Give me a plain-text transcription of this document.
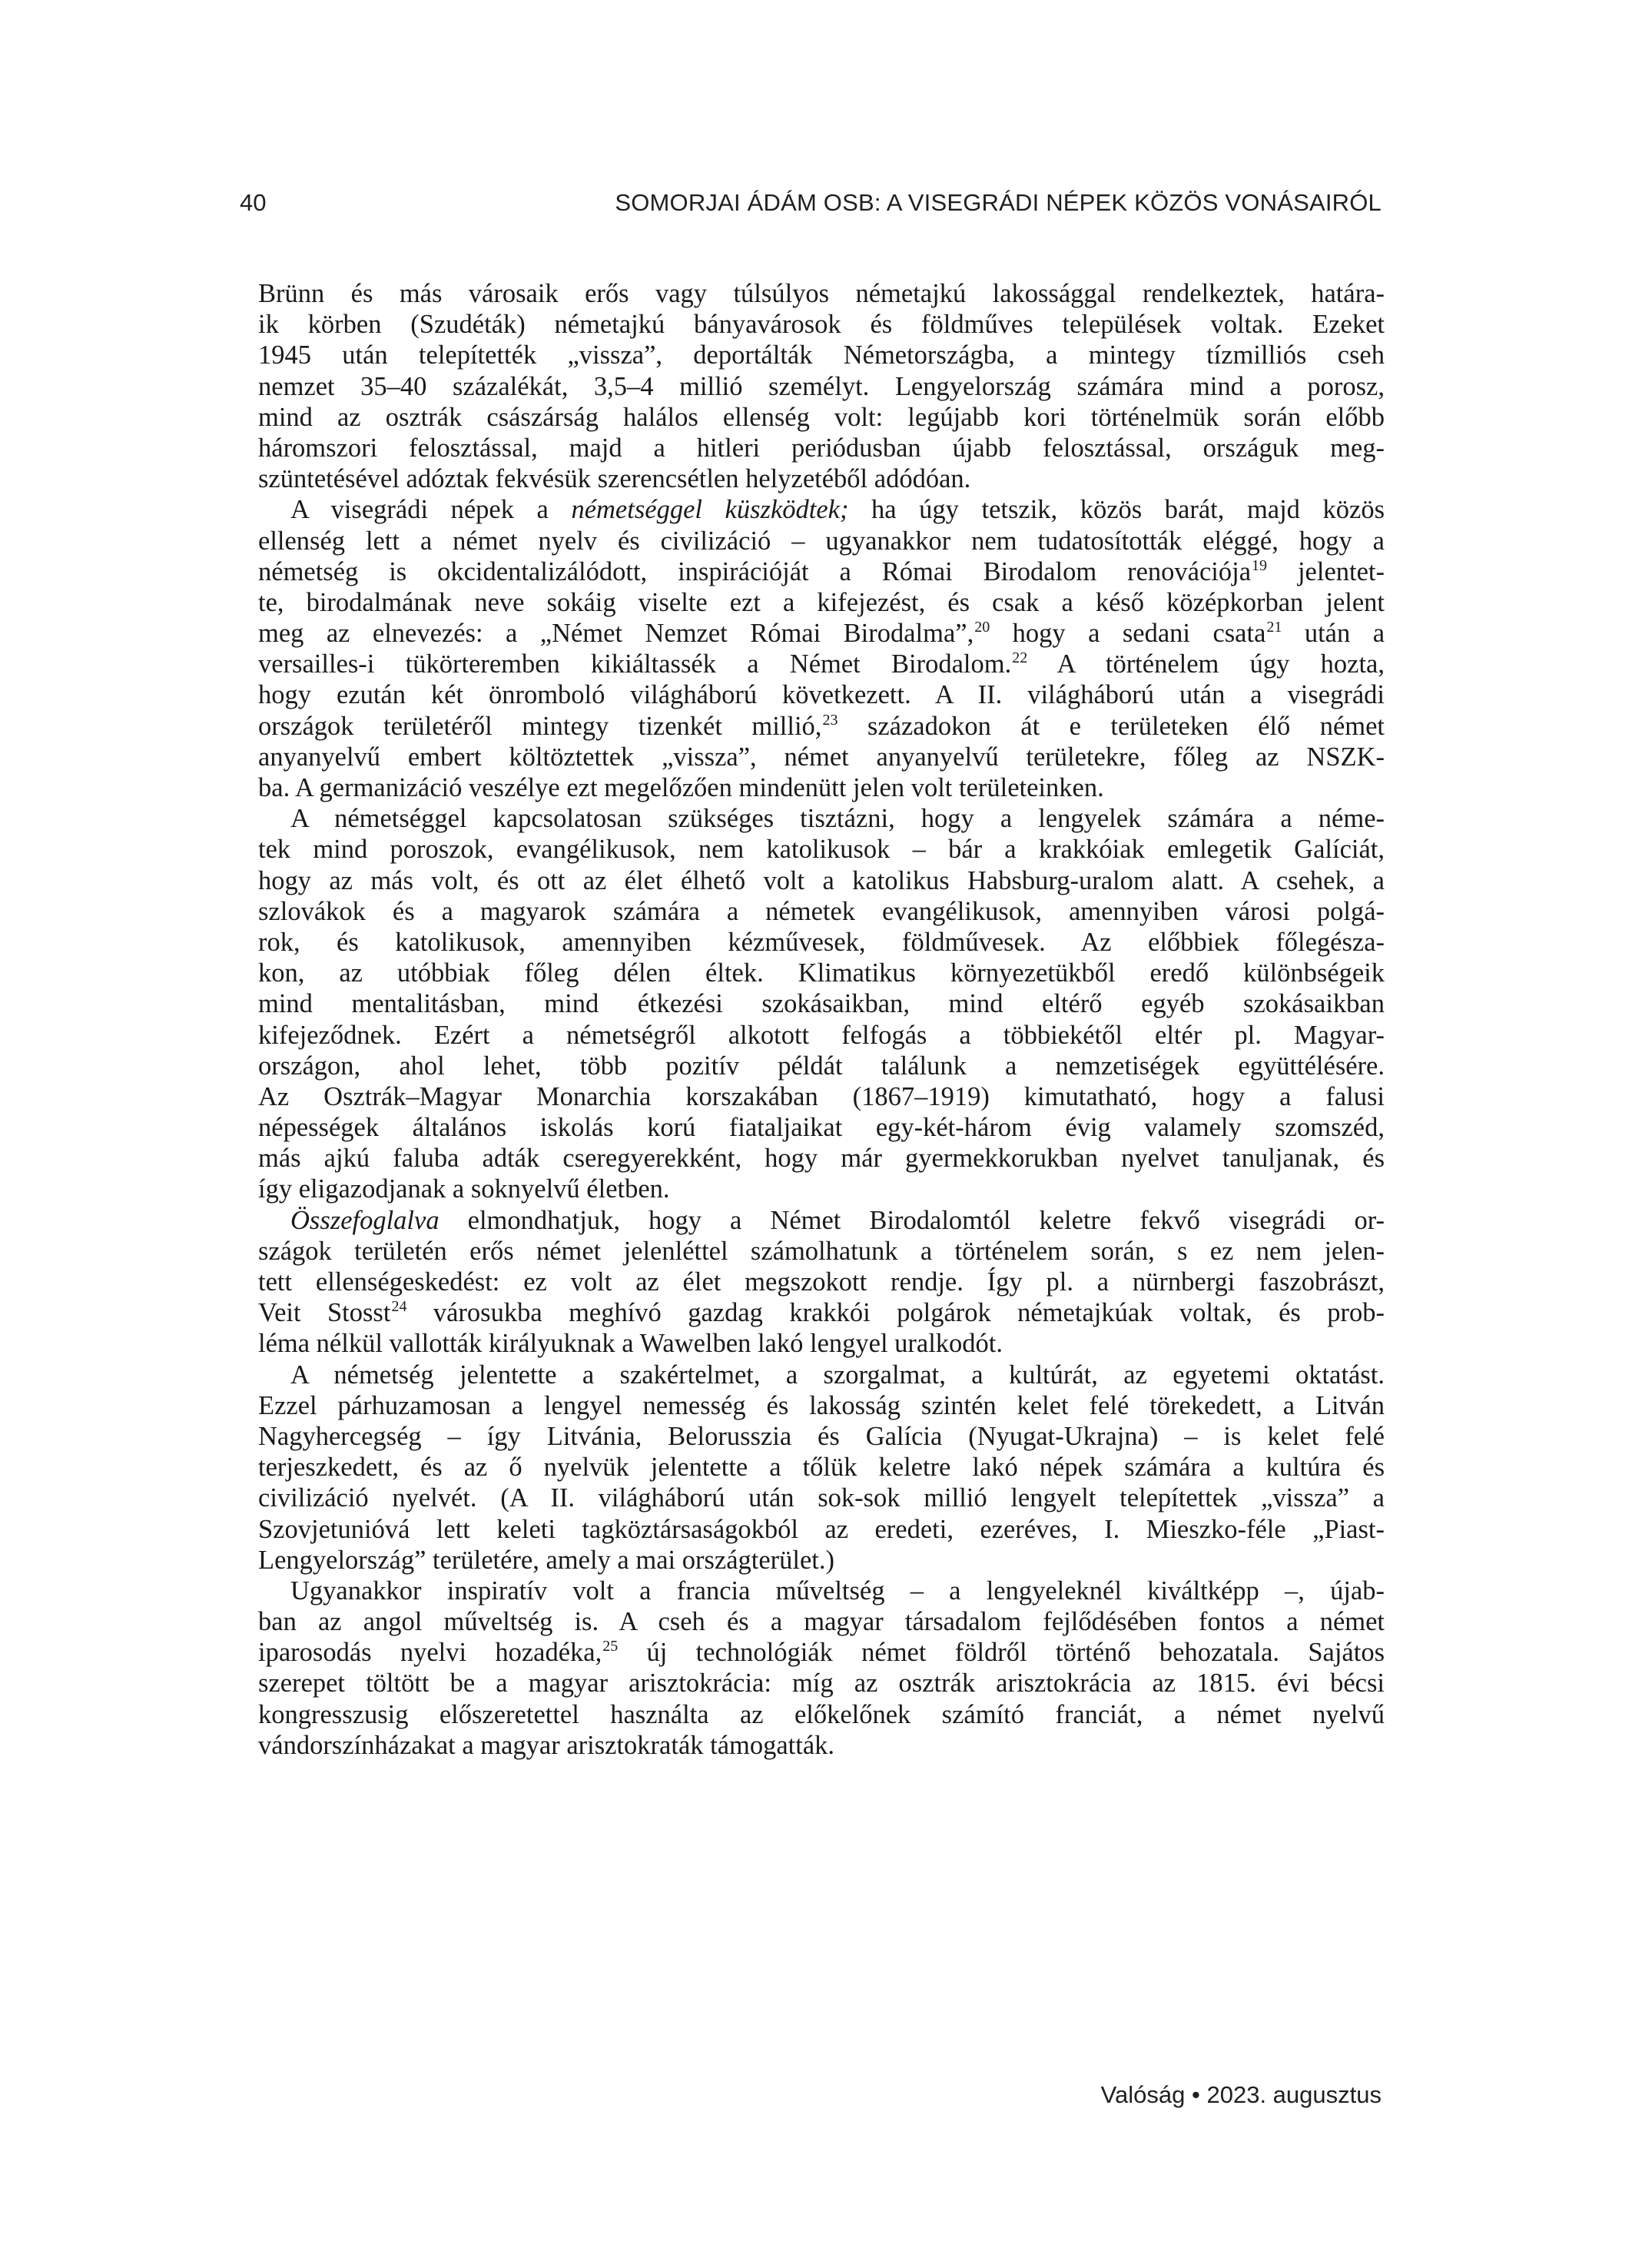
40	SOMORJAI ÁDÁM OSB: A VISEGRÁDI NÉPEK KÖZÖS VONÁSAIRÓL
Brünn és más városaik erős vagy túlsúlyos németajkú lakossággal rendelkeztek, határa-
ik körben (Szudéták) németajkú bányavárosok és földműves települések voltak. Ezeket
1945 után telepítették „vissza”, deportálták Németországba, a mintegy tízmilliós cseh
nemzet 35–40 százalékát, 3,5–4 millió személyt. Lengyelország számára mind a porosz,
mind az osztrák császárság halálos ellenség volt: legújabb kori történelmük során előbb
háromszori felosztással, majd a hitleri periódusban újabb felosztással, országuk meg-
szüntetésével adóztak fekvésük szerencsétlen helyzetéből adódóan.
A visegrádi népek a németséggel küszködtek; ha úgy tetszik, közös barát, majd közös
ellenség lett a német nyelv és civilizáció – ugyanakkor nem tudatosították eléggé, hogy a
németség is okcidentalizálódott, inspirációját a Római Birodalom renovációja$^{19}$ jelentet-
te, birodalmának neve sokáig viselte ezt a kifejezést, és csak a késő középkorban jelent
meg az elnevezés: a „Német Nemzet Római Birodalma”,$^{20}$ hogy a sedani csata$^{21}$ után a
versailles-i tükörteremben kikiáltassék a Német Birodalom.$^{22}$ A történelem úgy hozta,
hogy ezután két önromboló világháború következett. A II. világháború után a visegrádi
országok területéről mintegy tizenkét millió,$^{23}$ századokon át e területeken élő német
anyanyelvű embert költöztettek „vissza”, német anyanyelvű területekre, főleg az NSZK-
ba. A germanizáció veszélye ezt megelőzően mindenütt jelen volt területeinken.
A németséggel kapcsolatosan szükséges tisztázni, hogy a lengyelek számára a néme-
tek mind poroszok, evangélikusok, nem katolikusok – bár a krakkóiak emlegetik Galíciát,
hogy az más volt, és ott az élet élhető volt a katolikus Habsburg-uralom alatt. A csehek, a
szlovákok és a magyarok számára a németek evangélikusok, amennyiben városi polgá-
rok, és katolikusok, amennyiben kézművesek, földművesek. Az előbbiek főlegésza-
kon, az utóbbiak főleg délen éltek. Klimatikus környezetükből eredő különbségeik
mind mentalitásban, mind étkezési szokásaikban, mind eltérő egyéb szokásaikban
kifejeződnek. Ezért a németségről alkotott felfogás a többiekétől eltér pl. Magyar-
országon, ahol lehet, több pozitív példát találunk a nemzetiségek együttélésére.
Az Osztrák–Magyar Monarchia korszakában (1867–1919) kimutatható, hogy a falusi
népességek általános iskolás korú fiataljaikat egy-két-három évig valamely szomszéd,
más ajkú faluba adták cseregyerekként, hogy már gyermekkorukban nyelvet tanuljanak, és
így eligazodjanak a soknyelvű életben.
Összefoglalva elmondhatjuk, hogy a Német Birodalomtól keletre fekvő visegrádi or-
szágok területén erős német jelenléttel számolhatunk a történelem során, s ez nem jelen-
tett ellenségeskedést: ez volt az élet megszokott rendje. Így pl. a nürnbergi faszobrászt,
Veit Stosst$^{24}$ városukba meghívó gazdag krakkói polgárok németajkúak voltak, és prob-
léma nélkül vallották királyuknak a Wawelben lakó lengyel uralkodót.
A németség jelentette a szakértelmet, a szorgalmat, a kultúrát, az egyetemi oktatást.
Ezzel párhuzamosan a lengyel nemesség és lakosság szintén kelet felé törekedett, a Litván
Nagyhercegség – így Litvánia, Belorusszia és Galícia (Nyugat-Ukrajna) – is kelet felé
terjeszkedett, és az ő nyelvük jelentette a tőlük keletre lakó népek számára a kultúra és
civilizáció nyelvét. (A II. világháború után sok-sok millió lengyelt telepítettek „vissza” a
Szovjetunióvá lett keleti tagköztársaságokból az eredeti, ezeréves, I. Mieszko-féle „Piast-
Lengyelország” területére, amely a mai országterület.)
Ugyanakkor inspiratív volt a francia műveltség – a lengyeleknél kiváltképp –, újab-
ban az angol műveltség is. A cseh és a magyar társadalom fejlődésében fontos a német
iparosodás nyelvi hozadéka,$^{25}$ új technológiák német földről történő behozatala. Sajátos
szerepet töltött be a magyar arisztokrácia: míg az osztrák arisztokrácia az 1815. évi bécsi
kongresszusig előszeretettel használta az előkelőnek számító franciát, a német nyelvű
vándorszínházakat a magyar arisztokraták támogatták.
Valóság • 2023. augusztus
